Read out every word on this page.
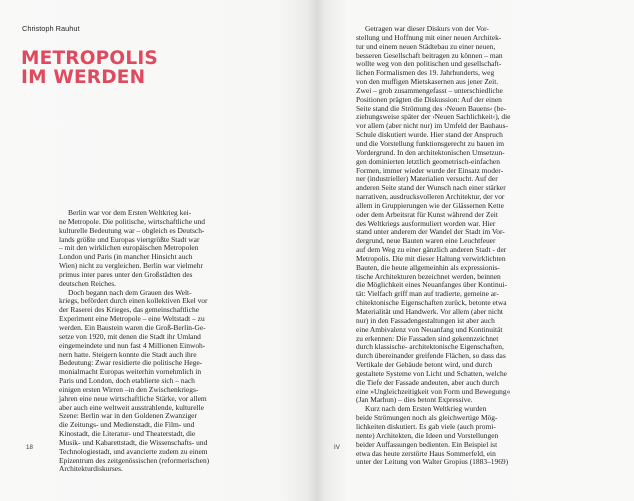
Christoph Rauhut
METROPOLIS
IM WERDEN

Berlin war vor dem Ersten Weltkrieg kei-
ne Metropole. Die politische, wirtschaftliche und
kulturelle Bedeutung war – obgleich es Deutsch-
lands größte und Europas viertgrößte Stadt war
– mit den wirklichen europäischen Metropolen
London und Paris (in mancher Hinsicht auch
Wien) nicht zu vergleichen. Berlin war vielmehr
primus inter pares unter den Großstädten des
deutschen Reiches.

Doch begann nach dem Grauen des Welt-
kriegs, befördert durch einen kollektiven Ekel vor
der Raserei des Krieges, das gemeinschaftliche
Experiment eine Metropole – eine Weltstadt – zu
werden. Ein Baustein waren die Groß-Berlin-Ge-
setze von 1920, mit denen die Stadt ihr Umland
eingemeindete und nun fast 4 Millionen Einwoh-
nern hatte. Steigern konnte die Stadt auch ihre
Bedeutung: Zwar residierte die politische Hege-
monialmacht Europas weiterhin vornehmlich in
Paris und London, doch etablierte sich – nach
einigen ersten Wirren –in den Zwischenkriegs-
jahren eine neue wirtschaftliche Stärke, vor allem
aber auch eine weltweit ausstrahlende, kulturelle
Szene: Berlin war in den Goldenen Zwanziger
die Zeitungs- und Medienstadt, die Film- und
Kinostadt, die Literatur- und Theaterstadt, die
Musik- und Kabarettstadt, die Wissenschafts- und
Technologiestadt, und avancierte zudem zu einem
Epizentrum des zeitgenössischen (reformerischen)
Architekturdiskurses.

18

Getragen war dieser Diskurs von der Vor-
stellung und Hoffnung mit einer neuen Architek-
tur und einem neuen Städtebau zu einer neuen,
besseren Gesellschaft beitragen zu können – man
wollte weg von den politischen und gesellschaft-
lichen Formalismen des 19. Jahrhunderts, weg
von den muffigen Mietskasernen aus jener Zeit.
Zwei – grob zusammengefasst – unterschiedliche
Positionen prägten die Diskussion: Auf der einen
Seite stand die Strömung des ›Neuen Bauens‹ (be-
ziehungsweise später der ›Neuen Sachlichkeit‹), die
vor allem (aber nicht nur) im Umfeld der Bauhaus-
Schule diskutiert wurde. Hier stand der Anspruch
und die Vorstellung funktionsgerecht zu bauen im
Vordergrund. In den architektonischen Umsetzun-
gen dominierten letztlich geometrisch-einfachen
Formen, immer wieder wurde der Einsatz moder-
ner (industrieller) Materialien versucht. Auf der
anderen Seite stand der Wunsch nach einer stärker
narrativen, ausdrucksvolleren Architektur, der vor
allem in Gruppierungen wie der Glässernen Kette
oder dem Arbeitsrat für Kunst während der Zeit
des Weltkriegs ausformuliert worden war. Hier
stand unter anderem der Wandel der Stadt im Vor-
dergrund, neue Bauten waren eine Leuchtfeuer
auf dem Weg zu einer gänzlich anderen Stadt - der
Metropolis. Die mit dieser Haltung verwirklichten
Bauten, die heute allgemeinhin als expressionis-
tische Architekturen bezeichnet werden, beinnen
die Möglichkeit eines Neuanfanges über Kontinui-
tät: Vielfach griff man auf tradierte, gemeine ar-
chitektonische Eigenschaften zurück, betonte etwa
Materialität und Handwerk. Vor allem (aber nicht
nur) in den Fassadengestaltungen ist aber auch
eine Ambivalenz von Neuanfang und Kontinuität
zu erkennen: Die Fassaden sind gekennzeichnet
durch klassische- architektonische Eigenschaften,
durch übereinander greifende Flächen, so dass das
Vertikale der Gebäude betont wird, und durch
gestaltete Systeme von Licht und Schatten, welche
die Tiefe der Fassade andeuten, aber auch durch
eine »Ungleichzeitigkeit von Form und Bewegung«
(Jan Marhun) – dies betont Expressive.

Kurz nach dem Ersten Weltkrieg wurden
beide Strömungen noch als gleichwertige Mög-
lichkeiten diskutiert. Es gab viele (auch promi-
nente) Architekten, die Ideen und Vorstellungen
beider Auffassungen bedienten. Ein Beispiel ist
etwa das heute zerstörte Haus Sommerfeld, ein
unter der Leitung von Walter Gropius (1883–1969)

IV
